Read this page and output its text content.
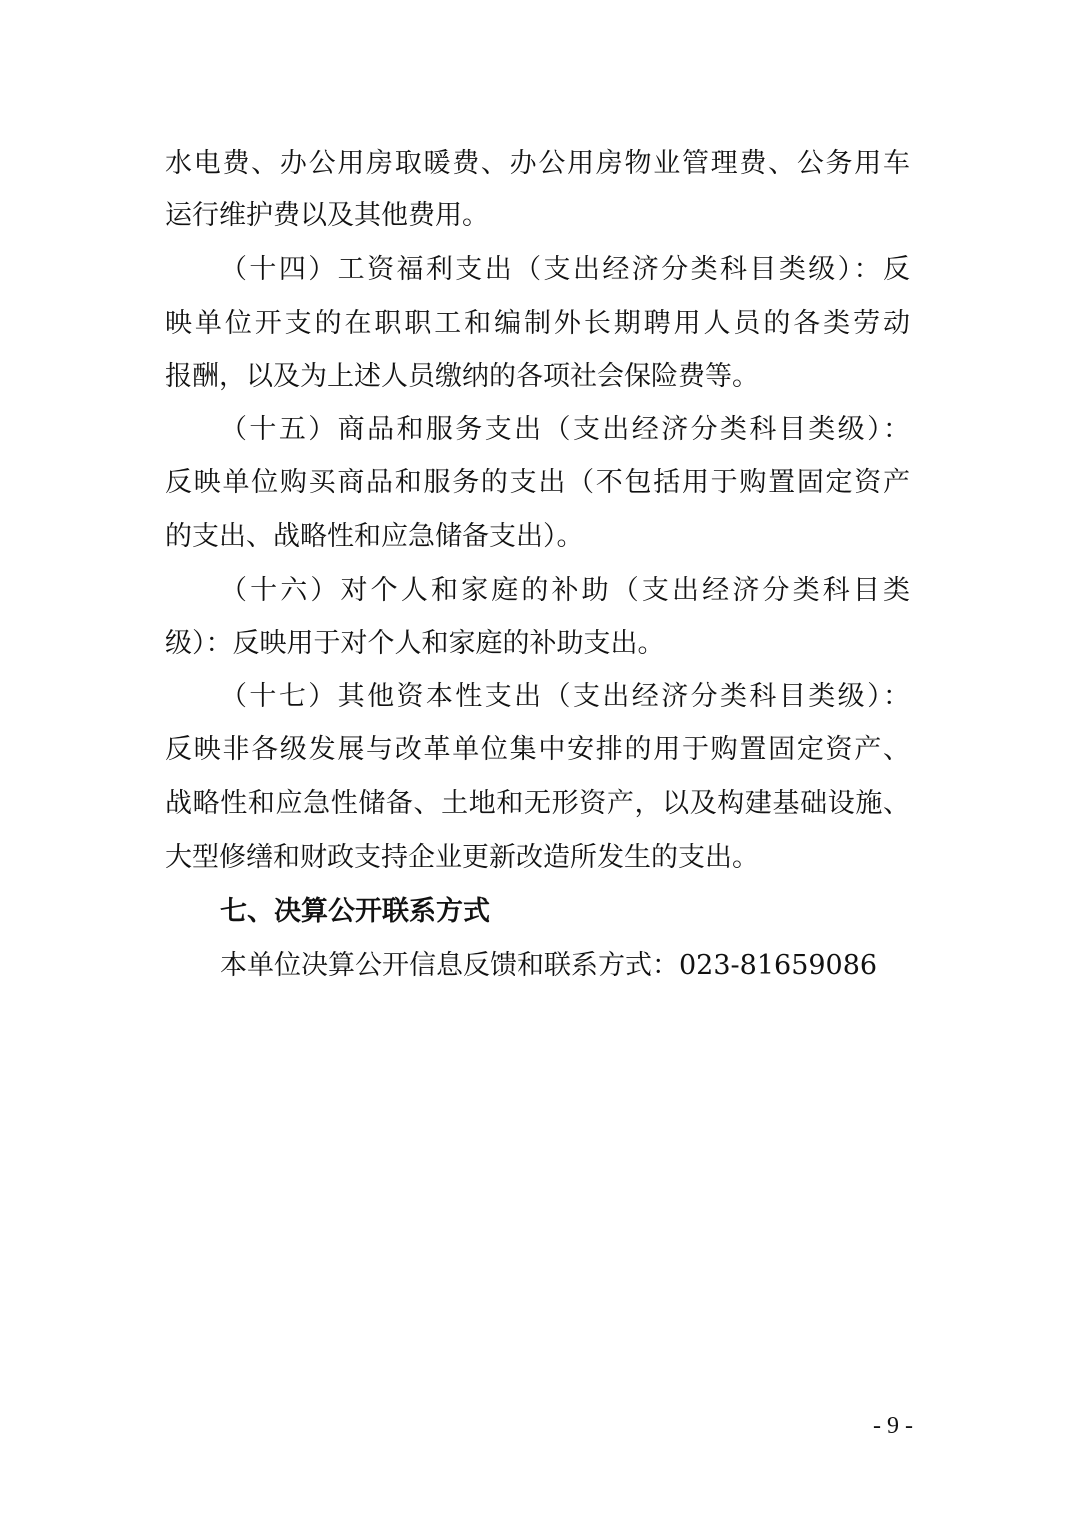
水电费、办公用房取暖费、办公用房物业管理费、公务用车
运行维护费以及其他费用。
（十四）工资福利支出（支出经济分类科目类级）：反
映单位开支的在职职工和编制外长期聘用人员的各类劳动
报酬，以及为上述人员缴纳的各项社会保险费等。
（十五）商品和服务支出（支出经济分类科目类级）：
反映单位购买商品和服务的支出（不包括用于购置固定资产
的支出、战略性和应急储备支出）。
（十六）对个人和家庭的补助（支出经济分类科目类
级）：反映用于对个人和家庭的补助支出。
（十七）其他资本性支出（支出经济分类科目类级）：
反映非各级发展与改革单位集中安排的用于购置固定资产、
战略性和应急性储备、土地和无形资产，以及构建基础设施、
大型修缮和财政支持企业更新改造所发生的支出。
七、决算公开联系方式
本单位决算公开信息反馈和联系方式：023-81659086
- 9 -
